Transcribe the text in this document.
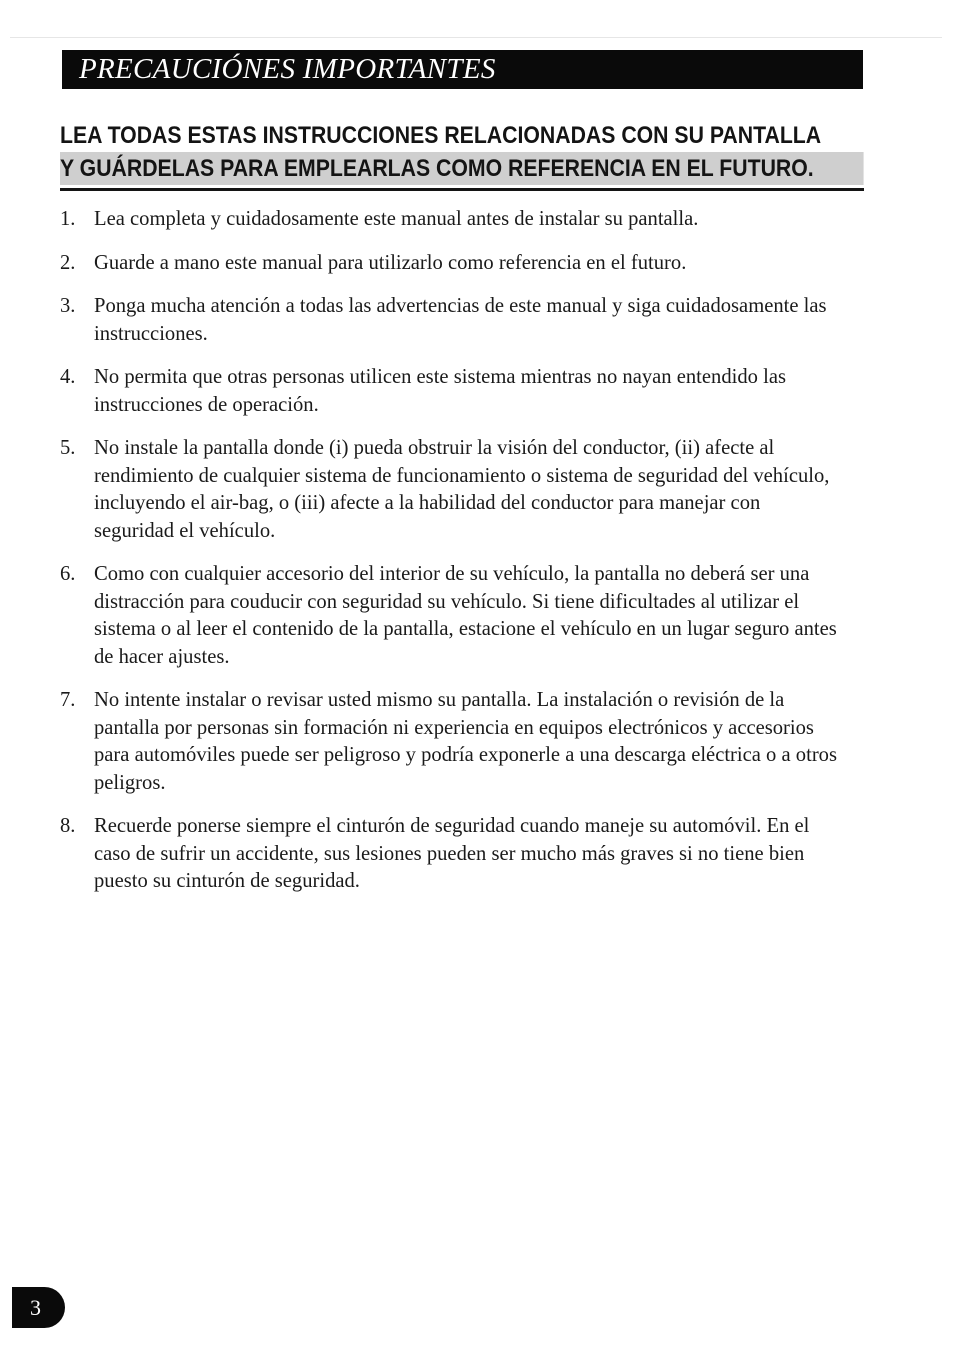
PRECAUCIÓNES IMPORTANTES
LEA TODAS ESTAS INSTRUCCIONES RELACIONADAS CON SU PANTALLA
Y GUÁRDELAS PARA EMPLEARLAS COMO REFERENCIA EN EL FUTURO.
1. Lea completa y cuidadosamente este manual antes de instalar su pantalla.
2. Guarde a mano este manual para utilizarlo como referencia en el futuro.
3. Ponga mucha atención a todas las advertencias de este manual y siga cuidadosamente las instrucciones.
4. No permita que otras personas utilicen este sistema mientras no nayan entendido las instrucciones de operación.
5. No instale la pantalla donde (i) pueda obstruir la visión del conductor, (ii) afecte al rendimiento de cualquier sistema de funcionamiento o sistema de seguridad del vehículo, incluyendo el air-bag, o (iii) afecte a la habilidad del conductor para manejar con seguridad el vehículo.
6. Como con cualquier accesorio del interior de su vehículo, la pantalla no deberá ser una distracción para couducir con seguridad su vehículo. Si tiene dificultades al utilizar el sistema o al leer el contenido de la pantalla, estacione el vehículo en un lugar seguro antes de hacer ajustes.
7. No intente instalar o revisar usted mismo su pantalla. La instalación o revisión de la pantalla por personas sin formación ni experiencia en equipos electrónicos y accesorios para automóviles puede ser peligroso y podría exponerle a una descarga eléctrica o a otros peligros.
8. Recuerde ponerse siempre el cinturón de seguridad cuando maneje su automóvil. En el caso de sufrir un accidente, sus lesiones pueden ser mucho más graves si no tiene bien puesto su cinturón de seguridad.
3
